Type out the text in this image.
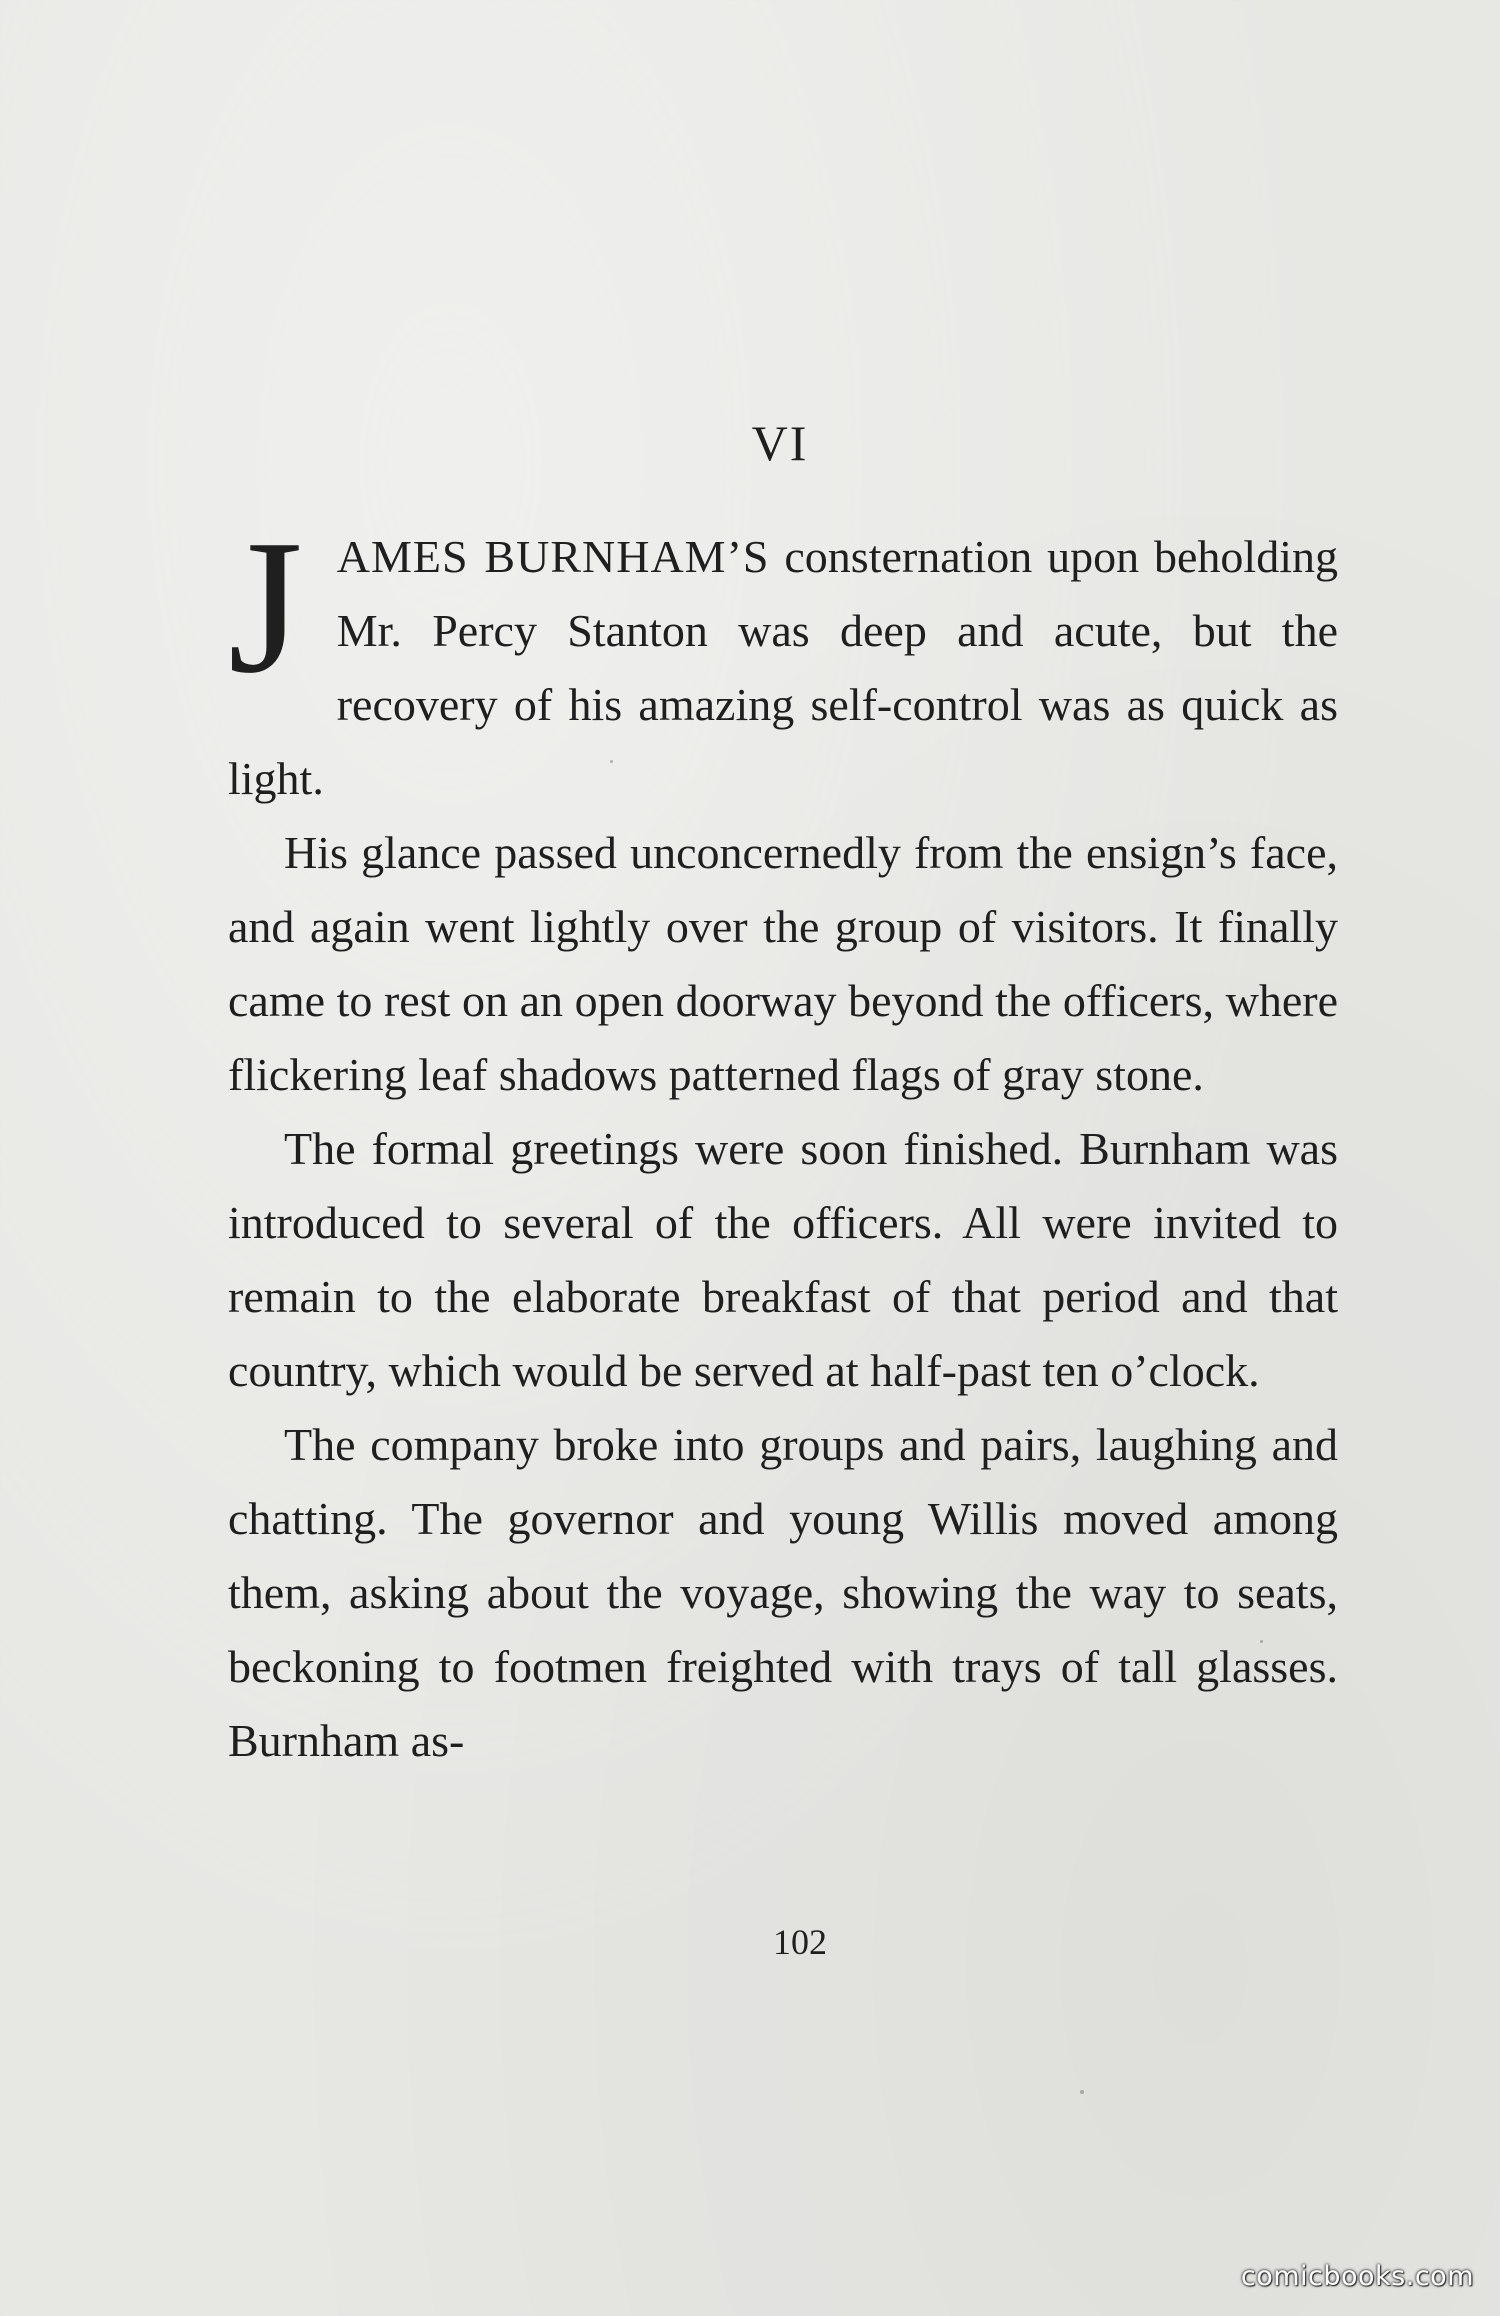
VI

JAMES BURNHAM’S consternation upon beholding Mr. Percy Stanton was deep and acute, but the recovery of his amazing self-control was as quick as light.

His glance passed unconcernedly from the ensign’s face, and again went lightly over the group of visitors. It finally came to rest on an open doorway beyond the officers, where flickering leaf shadows patterned flags of gray stone.

The formal greetings were soon finished. Burnham was introduced to several of the officers. All were invited to remain to the elaborate breakfast of that period and that country, which would be served at half-past ten o’clock.

The company broke into groups and pairs, laughing and chatting. The governor and young Willis moved among them, asking about the voyage, showing the way to seats, beckoning to footmen freighted with trays of tall glasses. Burnham as-

102
comicbooks.com
